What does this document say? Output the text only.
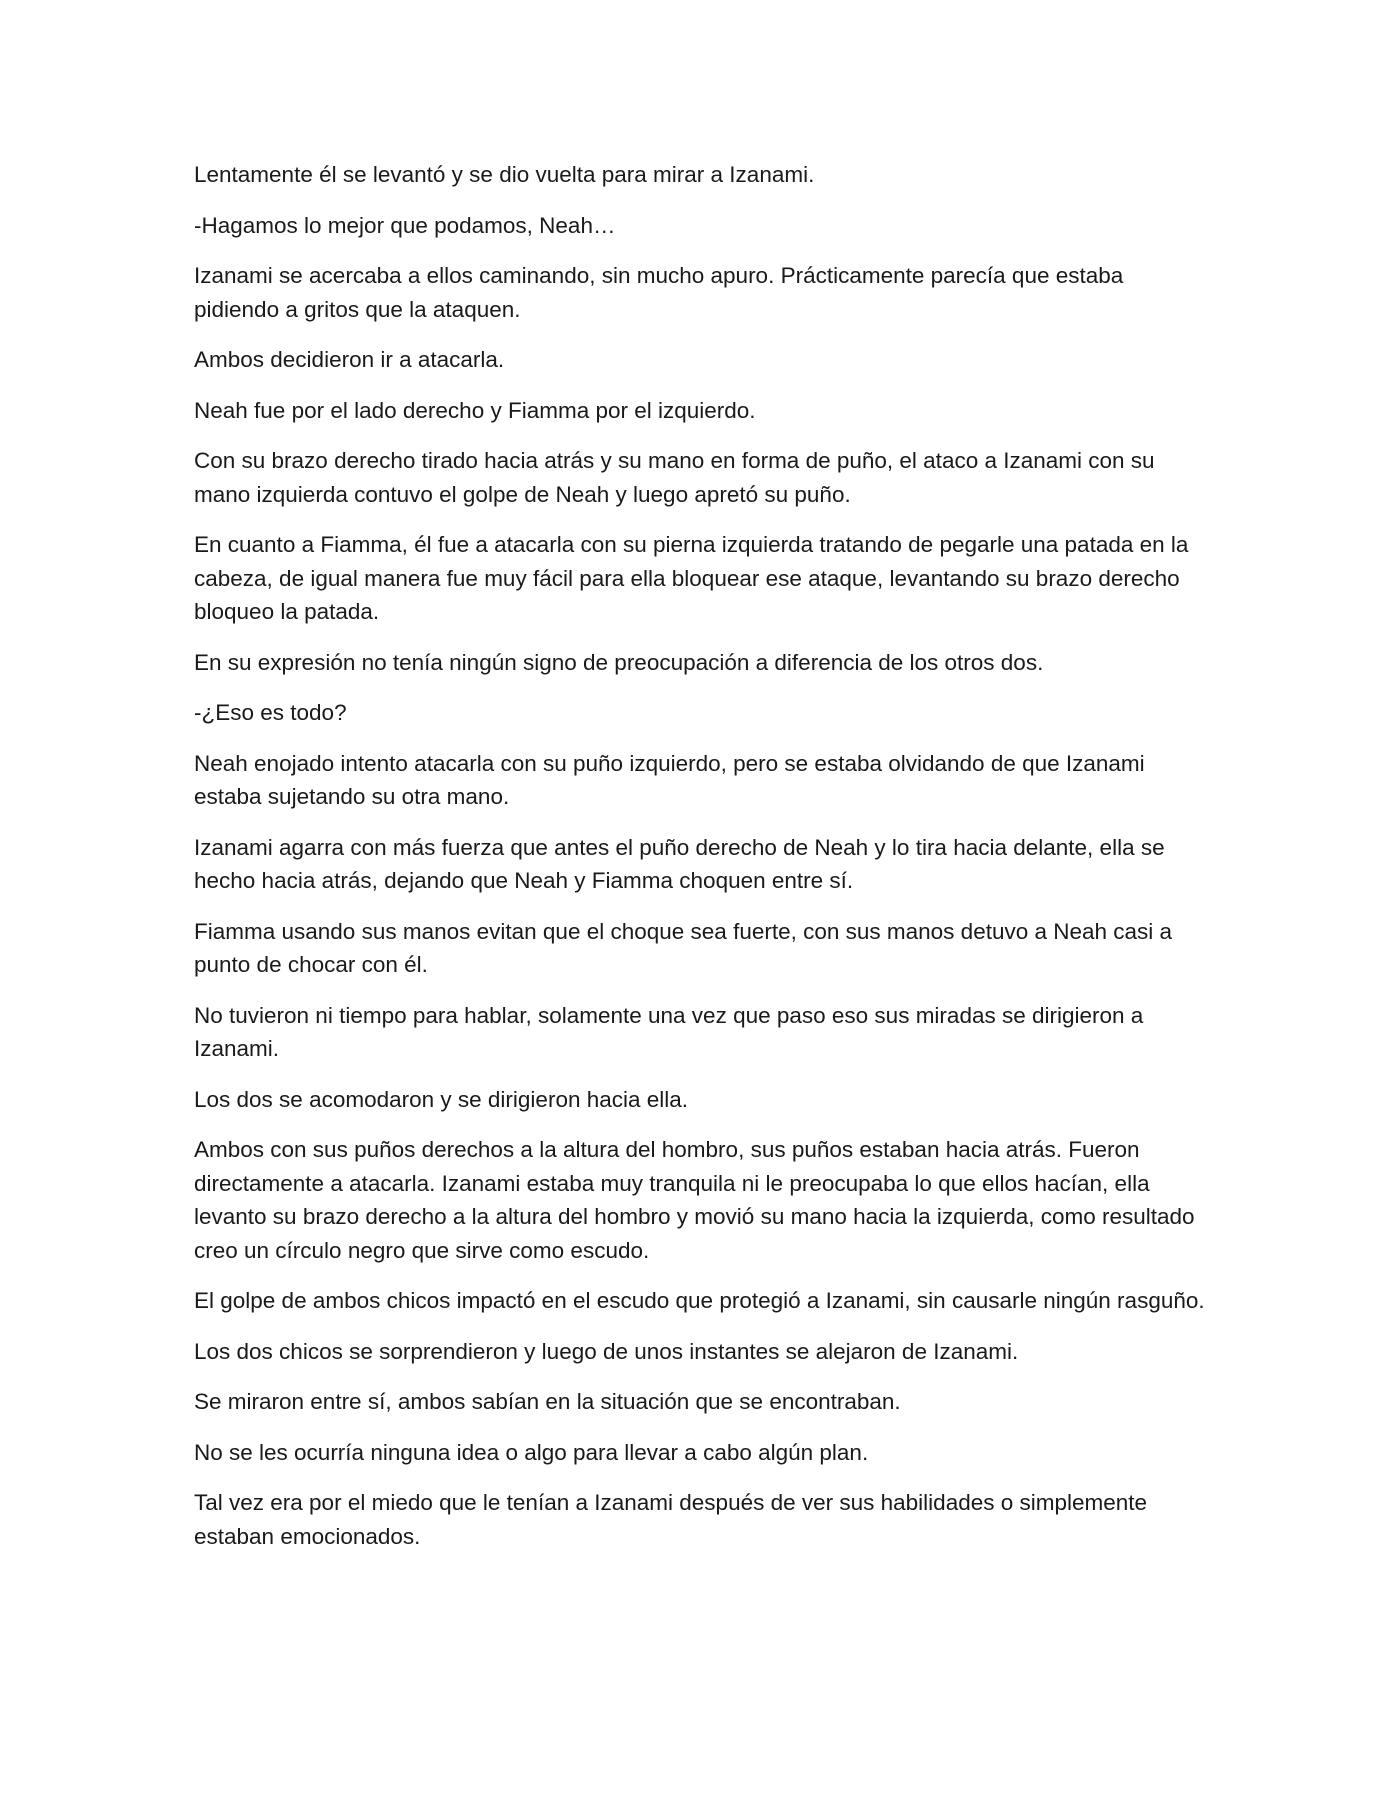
Lentamente él se levantó y se dio vuelta para mirar a Izanami.

-Hagamos lo mejor que podamos, Neah…

Izanami se acercaba a ellos caminando, sin mucho apuro. Prácticamente parecía que estaba pidiendo a gritos que la ataquen.

Ambos decidieron ir a atacarla.

Neah fue por el lado derecho y Fiamma por el izquierdo.

Con su brazo derecho tirado hacia atrás y su mano en forma de puño, el ataco a Izanami con su mano izquierda contuvo el golpe de Neah y luego apretó su puño.

En cuanto a Fiamma, él fue a atacarla con su pierna izquierda tratando de pegarle una patada en la cabeza, de igual manera fue muy fácil para ella bloquear ese ataque, levantando su brazo derecho bloqueo la patada.

En su expresión no tenía ningún signo de preocupación a diferencia de los otros dos.

-¿Eso es todo?

Neah enojado intento atacarla con su puño izquierdo, pero se estaba olvidando de que Izanami estaba sujetando su otra mano.

Izanami agarra con más fuerza que antes el puño derecho de Neah y lo tira hacia delante, ella se hecho hacia atrás, dejando que Neah y Fiamma choquen entre sí.

Fiamma usando sus manos evitan que el choque sea fuerte, con sus manos detuvo a Neah casi a punto de chocar con él.

No tuvieron ni tiempo para hablar, solamente una vez que paso eso sus miradas se dirigieron a Izanami.

Los dos se acomodaron y se dirigieron hacia ella.

Ambos con sus puños derechos a la altura del hombro, sus puños estaban hacia atrás. Fueron directamente a atacarla. Izanami estaba muy tranquila ni le preocupaba lo que ellos hacían, ella levanto su brazo derecho a la altura del hombro y movió su mano hacia la izquierda, como resultado creo un círculo negro que sirve como escudo.

El golpe de ambos chicos impactó en el escudo que protegió a Izanami, sin causarle ningún rasguño.

Los dos chicos se sorprendieron y luego de unos instantes se alejaron de Izanami.

Se miraron entre sí, ambos sabían en la situación que se encontraban.

No se les ocurría ninguna idea o algo para llevar a cabo algún plan.

Tal vez era por el miedo que le tenían a Izanami después de ver sus habilidades o simplemente estaban emocionados.
